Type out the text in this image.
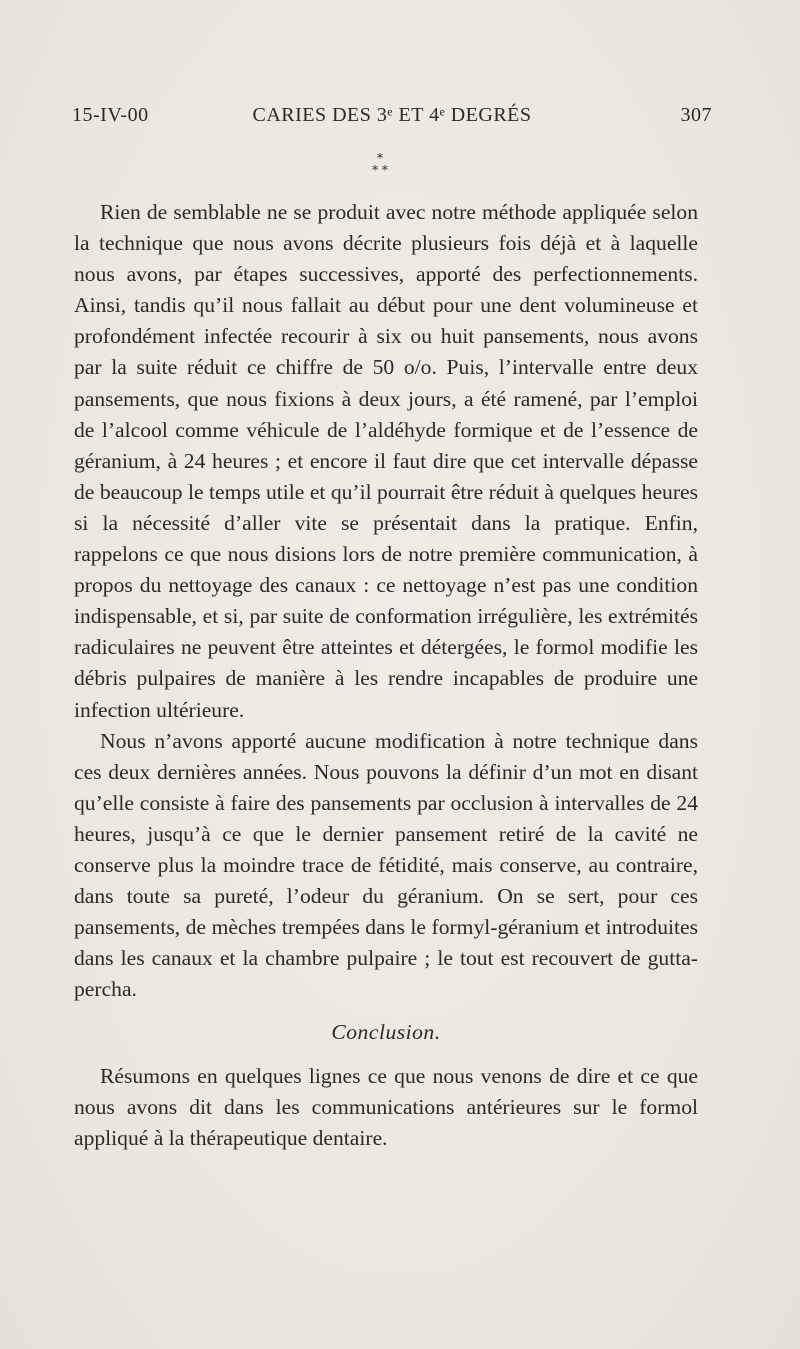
15-IV-00	CARIES DES 3ᵉ ET 4ᵉ DEGRÉS	307
*
* *

Rien de semblable ne se produit avec notre méthode appliquée selon la technique que nous avons décrite plusieurs fois déjà et à laquelle nous avons, par étapes successives, apporté des perfectionnements. Ainsi, tandis qu’il nous fallait au début pour une dent volumineuse et profondément infectée recourir à six ou huit pansements, nous avons par la suite réduit ce chiffre de 50 o/o. Puis, l’intervalle entre deux pansements, que nous fixions à deux jours, a été ramené, par l’emploi de l’alcool comme véhicule de l’aldéhyde formique et de l’essence de géranium, à 24 heures ; et encore il faut dire que cet intervalle dépasse de beaucoup le temps utile et qu’il pourrait être réduit à quelques heures si la nécessité d’aller vite se présentait dans la pratique. Enfin, rappelons ce que nous disions lors de notre première communication, à propos du nettoyage des canaux : ce nettoyage n’est pas une condition indispensable, et si, par suite de conformation irrégulière, les extrémités radiculaires ne peuvent être atteintes et détergées, le formol modifie les débris pulpaires de manière à les rendre incapables de produire une infection ultérieure.

Nous n’avons apporté aucune modification à notre technique dans ces deux dernières années. Nous pouvons la définir d’un mot en disant qu’elle consiste à faire des pansements par occlusion à intervalles de 24 heures, jusqu’à ce que le dernier pansement retiré de la cavité ne conserve plus la moindre trace de fétidité, mais conserve, au contraire, dans toute sa pureté, l’odeur du géranium. On se sert, pour ces pansements, de mèches trempées dans le formyl-géranium et introduites dans les canaux et la chambre pulpaire ; le tout est recouvert de gutta-percha.

Conclusion.

Résumons en quelques lignes ce que nous venons de dire et ce que nous avons dit dans les communications antérieures sur le formol appliqué à la thérapeutique dentaire.
